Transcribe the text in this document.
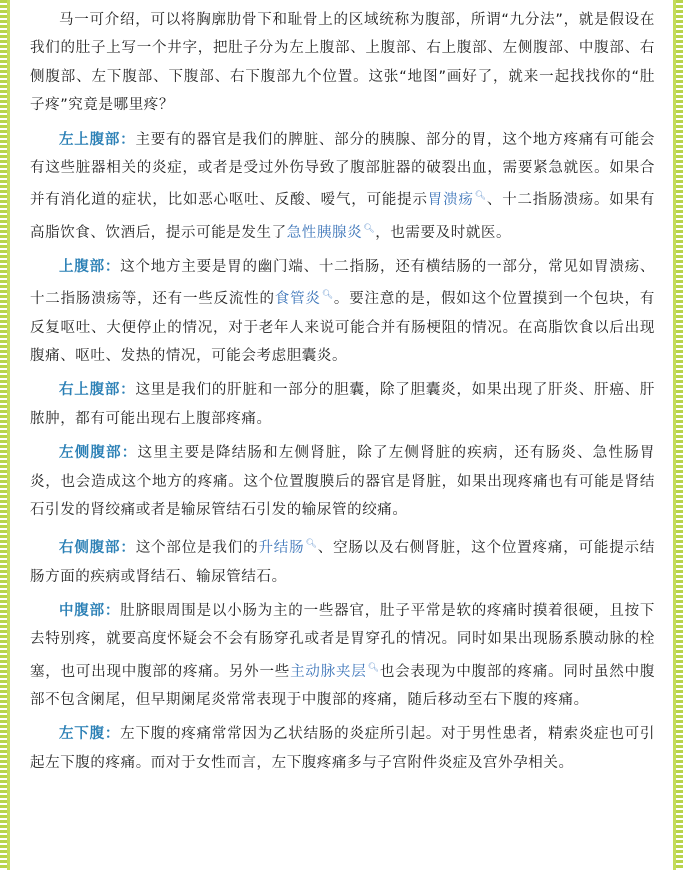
马一可介绍，可以将胸廓肋骨下和耻骨上的区域统称为腹部，所谓“九分法”，就是假设在我们的肚子上写一个井字，把肚子分为左上腹部、上腹部、右上腹部、左侧腹部、中腹部、右侧腹部、左下腹部、下腹部、右下腹部九个位置。这张“地图”画好了，就来一起找找你的“肚子疼”究竟是哪里疼？

左上腹部：主要有的器官是我们的脾脏、部分的胰腺、部分的胃，这个地方疼痛有可能会有这些脏器相关的炎症，或者是受过外伤导致了腹部脏器的破裂出血，需要紧急就医。如果合并有消化道的症状，比如恶心呕吐、反酸、嗳气，可能提示胃溃疡🔍︎、十二指肠溃疡。如果有高脂饮食、饮酒后，提示可能是发生了急性胰腺炎🔍︎，也需要及时就医。

上腹部：这个地方主要是胃的幽门端、十二指肠，还有横结肠的一部分，常见如胃溃疡、十二指肠溃疡等，还有一些反流性的食管炎🔍︎。要注意的是，假如这个位置摸到一个包块，有反复呕吐、大便停止的情况，对于老年人来说可能合并有肠梗阻的情况。在高脂饮食以后出现腹痛、呕吐、发热的情况，可能会考虑胆囊炎。

右上腹部：这里是我们的肝脏和一部分的胆囊，除了胆囊炎，如果出现了肝炎、肝癌、肝脓肿，都有可能出现右上腹部疼痛。

左侧腹部：这里主要是降结肠和左侧肾脏，除了左侧肾脏的疾病，还有肠炎、急性肠胃炎，也会造成这个地方的疼痛。这个位置腹膜后的器官是肾脏，如果出现疼痛也有可能是肾结石引发的肾绞痛或者是输尿管结石引发的输尿管的绞痛。

右侧腹部：这个部位是我们的升结肠🔍︎、空肠以及右侧肾脏，这个位置疼痛，可能提示结肠方面的疾病或肾结石、输尿管结石。

中腹部：肚脐眼周围是以小肠为主的一些器官，肚子平常是软的疼痛时摸着很硬，且按下去特别疼，就要高度怀疑会不会有肠穿孔或者是胃穿孔的情况。同时如果出现肠系膜动脉的栓塞，也可出现中腹部的疼痛。另外一些主动脉夹层🔍︎也会表现为中腹部的疼痛。同时虽然中腹部不包含阑尾，但早期阑尾炎常常表现于中腹部的疼痛，随后移动至右下腹的疼痛。

左下腹：左下腹的疼痛常常因为乙状结肠的炎症所引起。对于男性患者，精索炎症也可引起左下腹的疼痛。而对于女性而言，左下腹疼痛多与子宫附件炎症及宫外孕相关。
